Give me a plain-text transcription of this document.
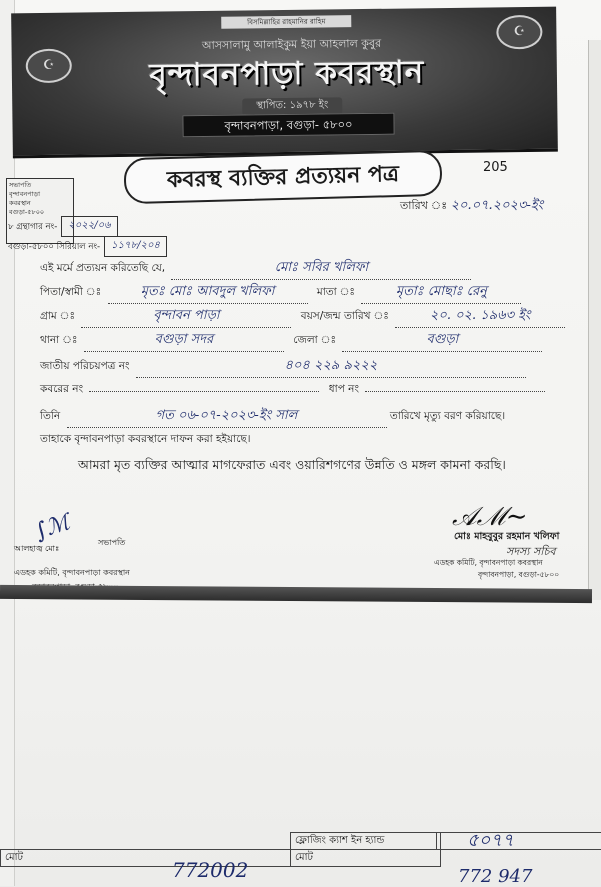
☪
☪
বিসমিল্লাহির রাহমানির রাহিম
আসসালামু আলাইকুম ইয়া আহলাল কুবুর
বৃন্দাবনপাড়া কবরস্থান
স্থাপিত: ১৯৭৮ ইং
বৃন্দাবনপাড়া, বগুড়া- ৫৮০০
কবরস্থ ব্যক্তির প্রত্যয়ন পত্র	205
তারিখ ঃ ২০.০৭.২০২৩-ইং
সভাপতি
বৃন্দাবনপাড়া
কবরস্থান
বগুড়া-৫৮০০
৮ গ্রন্থাগার নং-	২০২২/০৬
বগুড়া-৫৮০০ সিরিয়াল নং-	১১৭৮/২০৪
এই মর্মে প্রত্যয়ন করিতেছি যে,	মোঃ সবির খলিফা
পিতা/স্বামী ঃ	মৃতঃ মোঃ আবদুল খলিফা	মাতা ঃ	মৃতাঃ মোছাঃ রেনু
গ্রাম ঃ	বৃন্দাবন পাড়া	বয়স/জন্ম তারিখ ঃ	২০. ০২. ১৯৬৩ ইং
থানা ঃ	বগুড়া সদর	জেলা ঃ	বগুড়া
জাতীয় পরিচয়পত্র নং	৪০৪ ২২৯ ৯২২২
কবরের নং	ধাপ নং
তিনি	গত ০৬-০৭-২০২৩-ইং সাল	তারিখে মৃত্যু বরণ করিয়াছে।
তাহাকে বৃন্দাবনপাড়া কবরস্থানে দাফন করা হইয়াছে।
আমরা মৃত ব্যক্তির আত্মার মাগফেরাত এবং ওয়ারিশগণের উন্নতি ও মঙ্গল কামনা করছি।
∫ℳ
আলহাজ্ব মোঃ
সভাপতি
এডহক কমিটি, বৃন্দাবনপাড়া কবরস্থান
𝒜ℳ∼
মোঃ মাহবুবুর রহমান খলিফা
সদস্য সচিব
এডহক কমিটি, বৃন্দাবনপাড়া কবরস্থান
বৃন্দাবনপাড়া, বগুড়া-৫৮০০
ফ্লোজিং ক্যাশ ইন হ্যান্ড	৫০৭৭
মোট	মোট
772002	772 947
